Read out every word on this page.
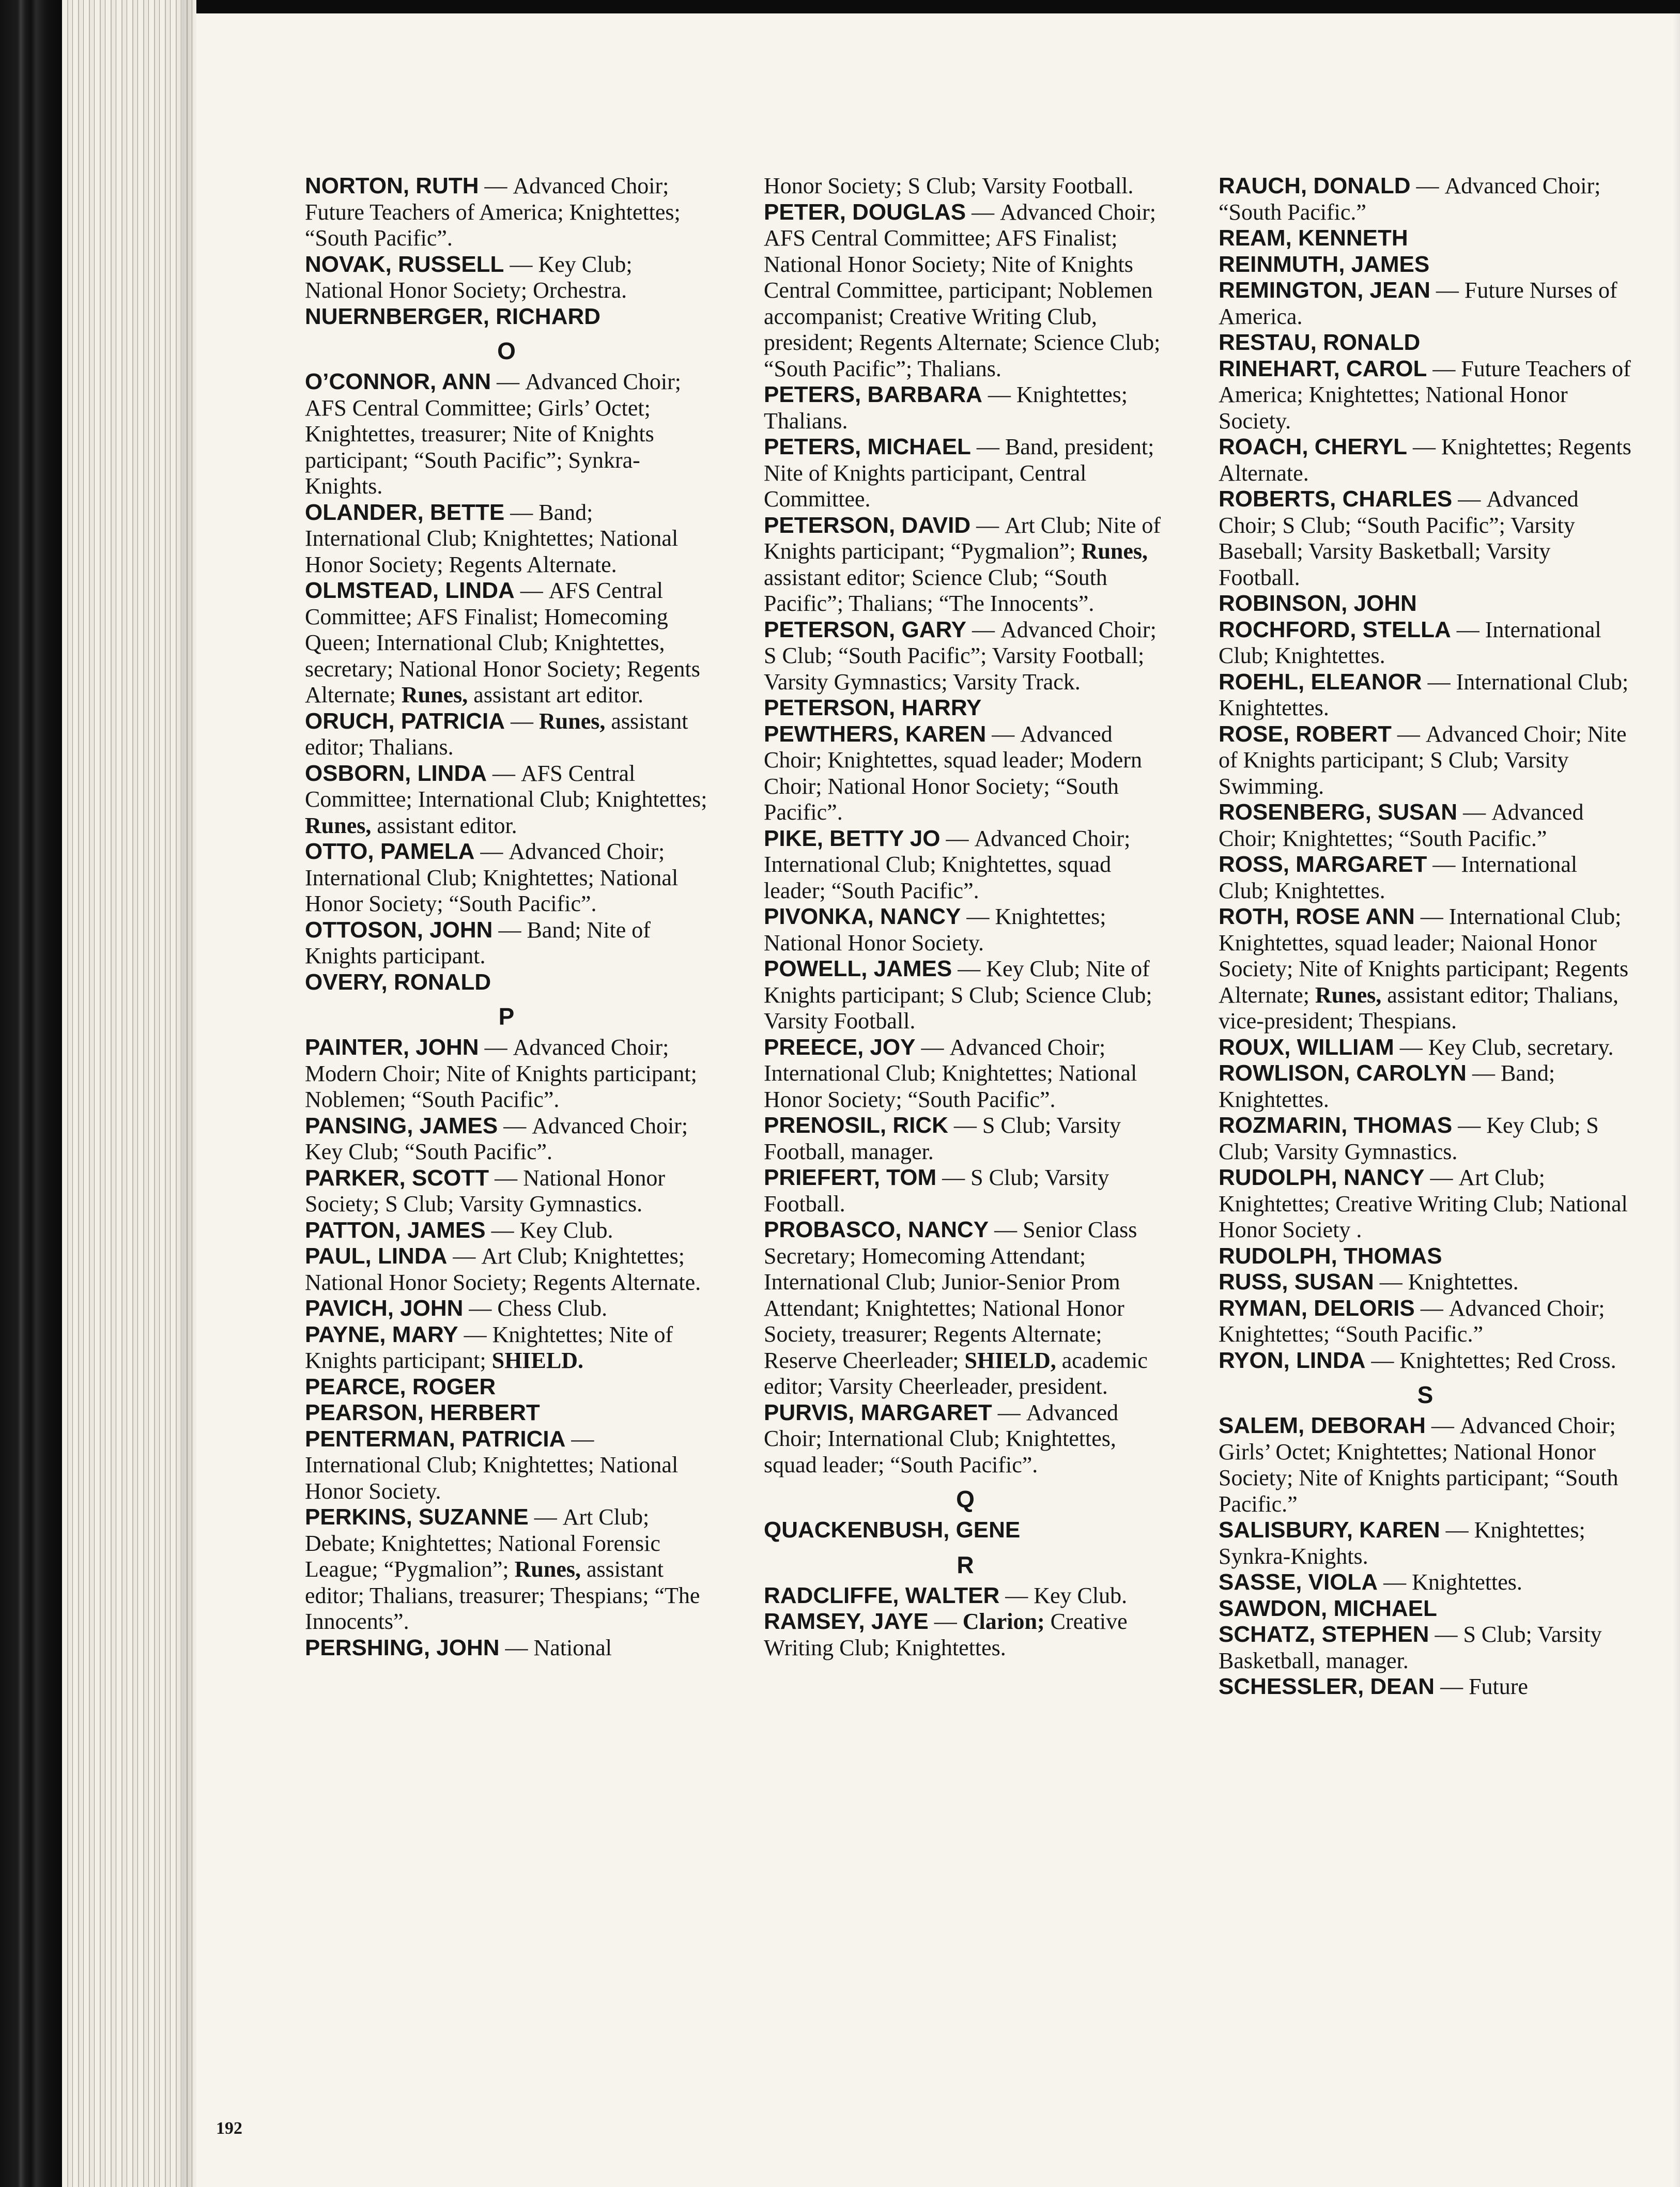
NORTON, RUTH — Advanced Choir; Future Teachers of America; Knightettes; “South Pacific”.

NOVAK, RUSSELL — Key Club; National Honor Society; Orchestra.

NUERNBERGER, RICHARD

O

O’CONNOR, ANN — Advanced Choir; AFS Central Committee; Girls’ Octet; Knightettes, treasurer; Nite of Knights participant; “South Pacific”; Synkra-Knights.

OLANDER, BETTE — Band; International Club; Knightettes; National Honor Society; Regents Alternate.

OLMSTEAD, LINDA — AFS Central Committee; AFS Finalist; Homecoming Queen; International Club; Knightettes, secretary; National Honor Society; Regents Alternate; Runes, assistant art editor.

ORUCH, PATRICIA — Runes, assistant editor; Thalians.

OSBORN, LINDA — AFS Central Committee; International Club; Knightettes; Runes, assistant editor.

OTTO, PAMELA — Advanced Choir; International Club; Knightettes; National Honor Society; “South Pacific”.

OTTOSON, JOHN — Band; Nite of Knights participant.

OVERY, RONALD

P

PAINTER, JOHN — Advanced Choir; Modern Choir; Nite of Knights participant; Noblemen; “South Pacific”.

PANSING, JAMES — Advanced Choir; Key Club; “South Pacific”.

PARKER, SCOTT — National Honor Society; S Club; Varsity Gymnastics.

PATTON, JAMES — Key Club.

PAUL, LINDA — Art Club; Knightettes; National Honor Society; Regents Alternate.

PAVICH, JOHN — Chess Club.

PAYNE, MARY — Knightettes; Nite of Knights participant; SHIELD.

PEARCE, ROGER

PEARSON, HERBERT

PENTERMAN, PATRICIA —International Club; Knightettes; National Honor Society.

PERKINS, SUZANNE — Art Club; Debate; Knightettes; National Forensic League; “Pygmalion”; Runes, assistant editor; Thalians, treasurer; Thespians; “The Innocents”.

PERSHING, JOHN — National

Honor Society; S Club; Varsity Football.

PETER, DOUGLAS — Advanced Choir; AFS Central Committee; AFS Finalist; National Honor Society; Nite of Knights Central Committee, participant; Noblemen accompanist; Creative Writing Club, president; Regents Alternate; Science Club; “South Pacific”; Thalians.

PETERS, BARBARA — Knightettes; Thalians.

PETERS, MICHAEL — Band, president; Nite of Knights participant, Central Committee.

PETERSON, DAVID — Art Club; Nite of Knights participant; “Pygmalion”; Runes, assistant editor; Science Club; “South Pacific”; Thalians; “The Innocents”.

PETERSON, GARY — Advanced Choir; S Club; “South Pacific”; Varsity Football; Varsity Gymnastics; Varsity Track.

PETERSON, HARRY

PEWTHERS, KAREN — Advanced Choir; Knightettes, squad leader; Modern Choir; National Honor Society; “South Pacific”.

PIKE, BETTY JO — Advanced Choir; International Club; Knightettes, squad leader; “South Pacific”.

PIVONKA, NANCY — Knightettes; National Honor Society.

POWELL, JAMES — Key Club; Nite of Knights participant; S Club; Science Club; Varsity Football.

PREECE, JOY — Advanced Choir; International Club; Knightettes; National Honor Society; “South Pacific”.

PRENOSIL, RICK — S Club; Varsity Football, manager.

PRIEFERT, TOM — S Club; Varsity Football.

PROBASCO, NANCY — Senior Class Secretary; Homecoming Attendant; International Club; Junior-Senior Prom Attendant; Knightettes; National Honor Society, treasurer; Regents Alternate; Reserve Cheerleader; SHIELD, academic editor; Varsity Cheerleader, president.

PURVIS, MARGARET — Advanced Choir; International Club; Knightettes, squad leader; “South Pacific”.

Q

QUACKENBUSH, GENE

R

RADCLIFFE, WALTER — Key Club.

RAMSEY, JAYE — Clarion; Creative Writing Club; Knightettes.

RAUCH, DONALD — Advanced Choir; “South Pacific.”

REAM, KENNETH

REINMUTH, JAMES

REMINGTON, JEAN — Future Nurses of America.

RESTAU, RONALD

RINEHART, CAROL — Future Teachers of America; Knightettes; National Honor Society.

ROACH, CHERYL — Knightettes; Regents Alternate.

ROBERTS, CHARLES — Advanced Choir; S Club; “South Pacific”; Varsity Baseball; Varsity Basketball; Varsity Football.

ROBINSON, JOHN

ROCHFORD, STELLA — International Club; Knightettes.

ROEHL, ELEANOR — International Club; Knightettes.

ROSE, ROBERT — Advanced Choir; Nite of Knights participant; S Club; Varsity Swimming.

ROSENBERG, SUSAN — Advanced Choir; Knightettes; “South Pacific.”

ROSS, MARGARET — International Club; Knightettes.

ROTH, ROSE ANN — International Club; Knightettes, squad leader; Naional Honor Society; Nite of Knights participant; Regents Alternate; Runes, assistant editor; Thalians, vice-president; Thespians.

ROUX, WILLIAM — Key Club, secretary.

ROWLISON, CAROLYN — Band; Knightettes.

ROZMARIN, THOMAS — Key Club; S Club; Varsity Gymnastics.

RUDOLPH, NANCY — Art Club; Knightettes; Creative Writing Club; National Honor Society .

RUDOLPH, THOMAS

RUSS, SUSAN — Knightettes.

RYMAN, DELORIS — Advanced Choir; Knightettes; “South Pacific.”

RYON, LINDA — Knightettes; Red Cross.

S

SALEM, DEBORAH — Advanced Choir; Girls’ Octet; Knightettes; National Honor Society; Nite of Knights participant; “South Pacific.”

SALISBURY, KAREN — Knightettes; Synkra-Knights.

SASSE, VIOLA — Knightettes.

SAWDON, MICHAEL

SCHATZ, STEPHEN — S Club; Varsity Basketball, manager.

SCHESSLER, DEAN — Future

192
